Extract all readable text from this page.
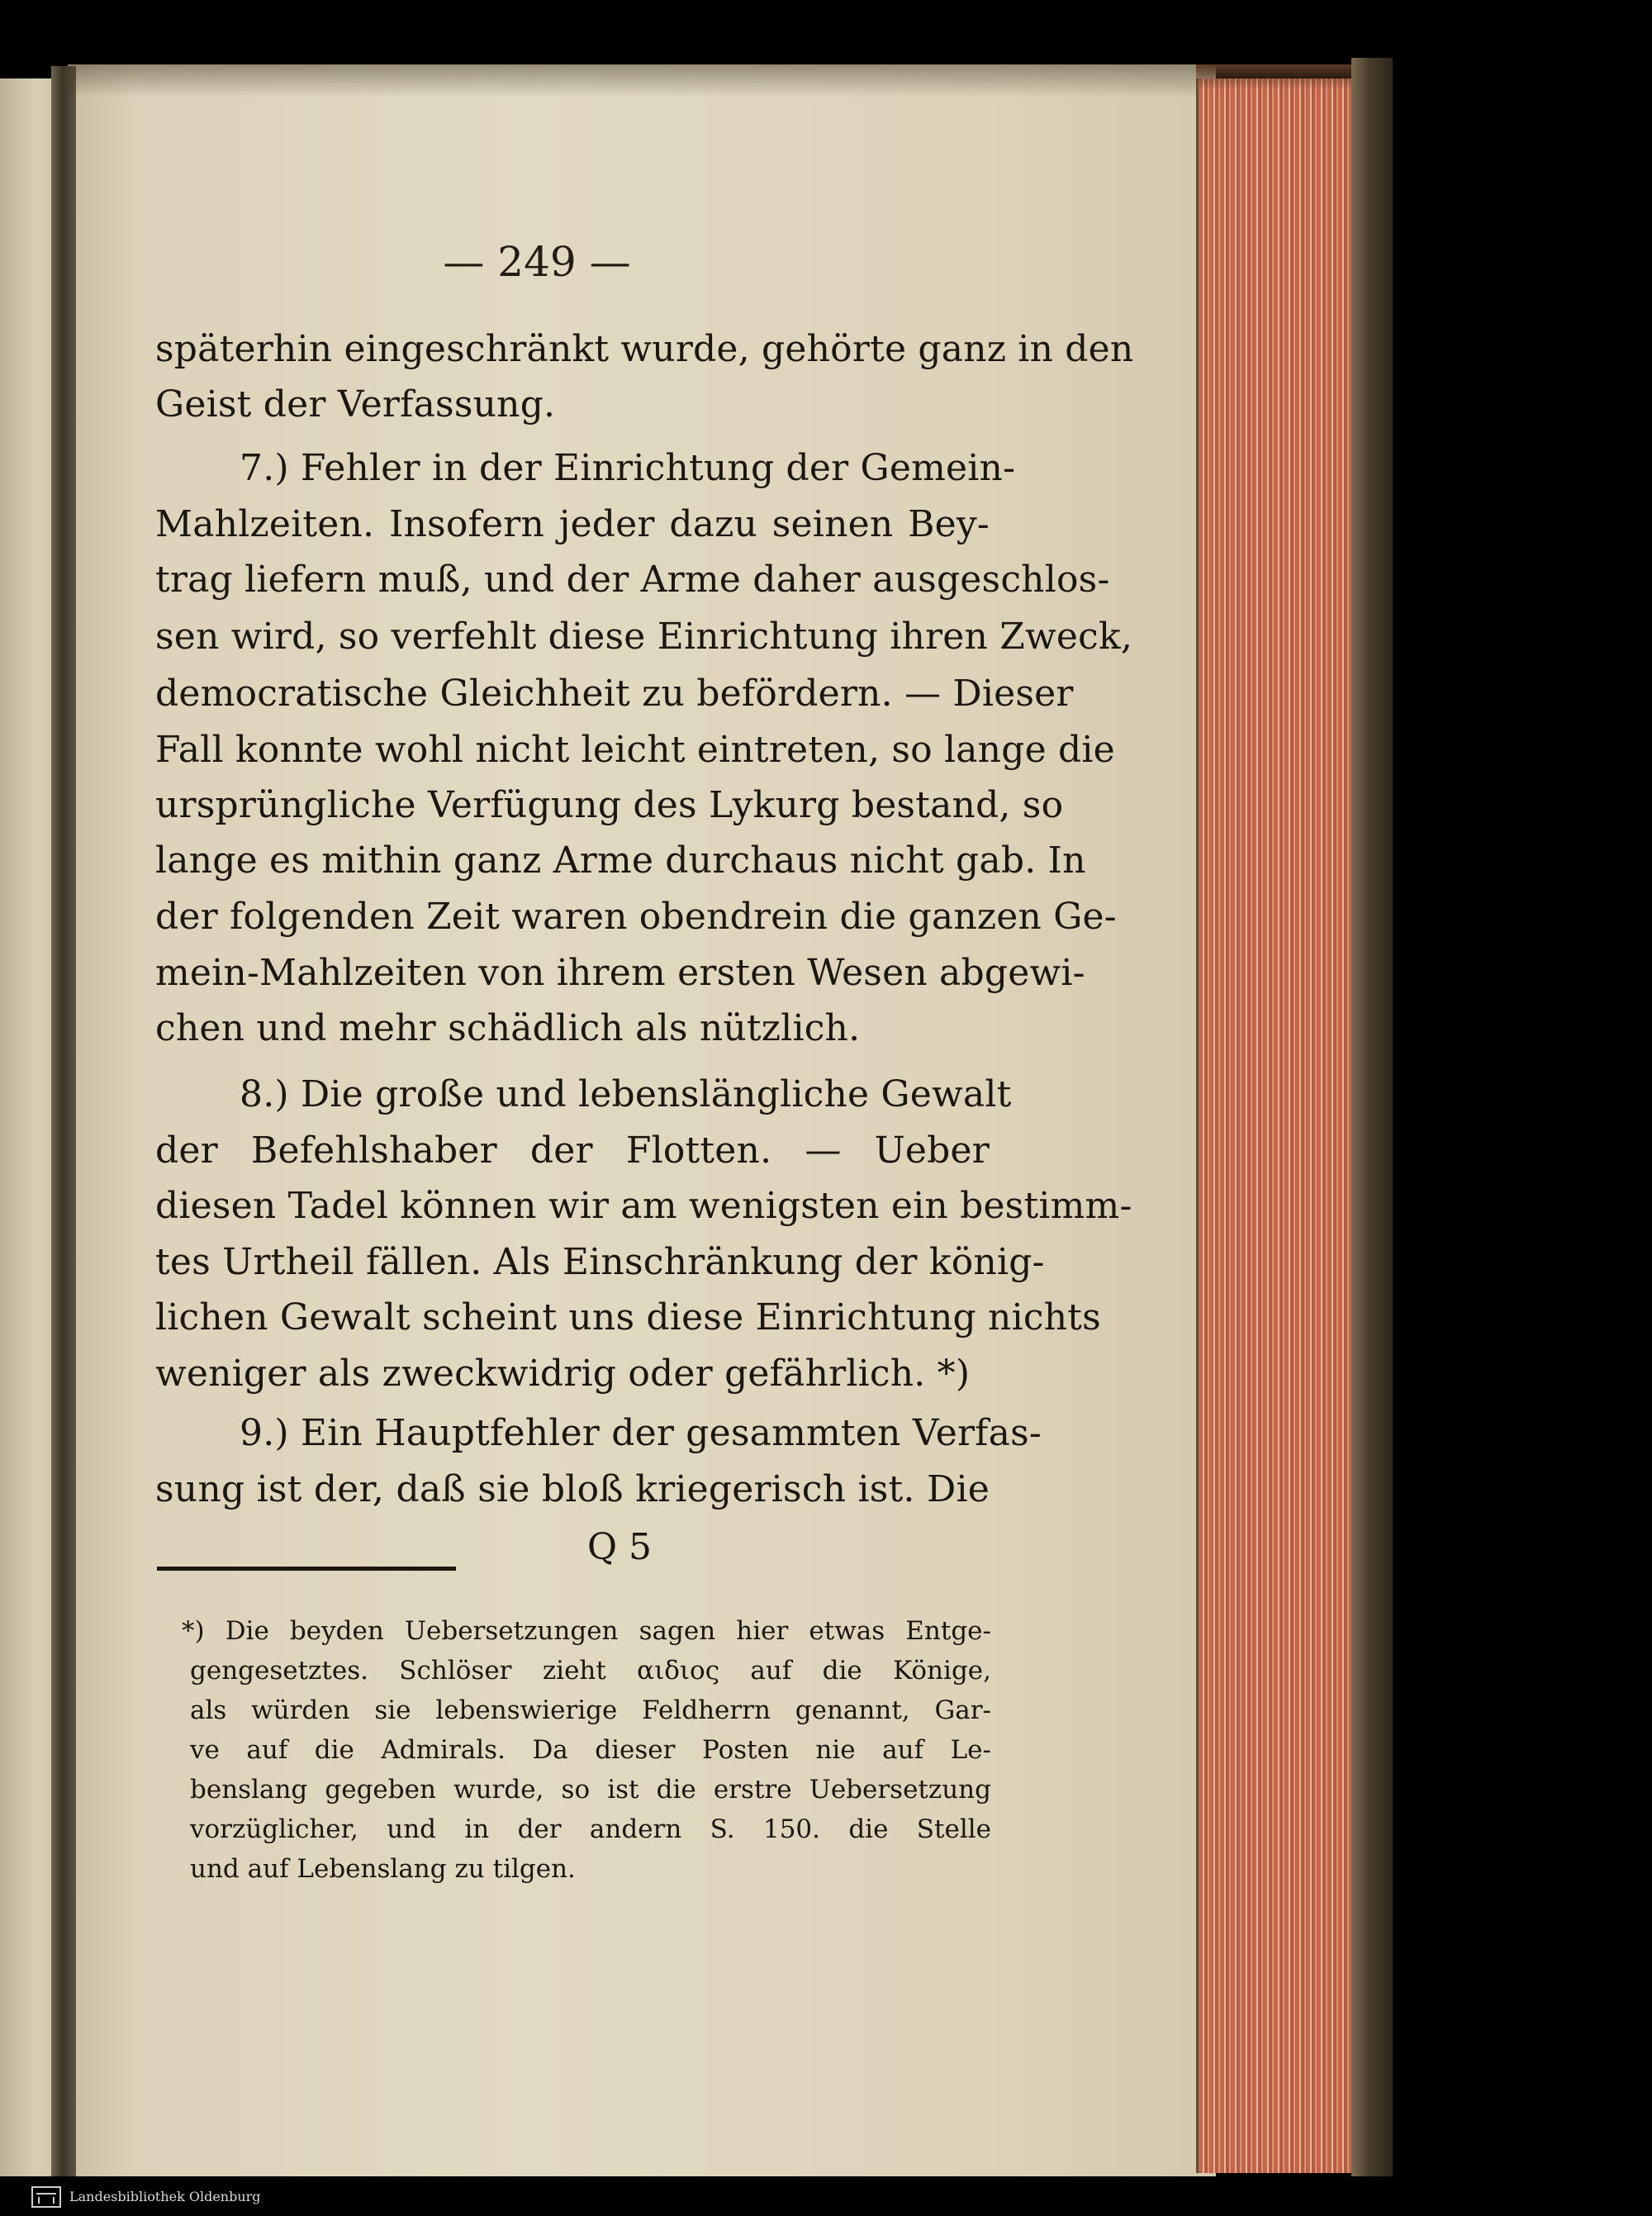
— 249 —
späterhin eingeschränkt wurde, gehörte ganz in den
Geist der Verfassung.
7.) Fehler in der Einrichtung der Gemein-
Mahlzeiten. Insofern jeder dazu seinen Bey-
trag liefern muß, und der Arme daher ausgeschlos-
sen wird, so verfehlt diese Einrichtung ihren Zweck,
democratische Gleichheit zu befördern. — Dieser
Fall konnte wohl nicht leicht eintreten, so lange die
ursprüngliche Verfügung des Lykurg bestand, so
lange es mithin ganz Arme durchaus nicht gab. In
der folgenden Zeit waren obendrein die ganzen Ge-
mein-Mahlzeiten von ihrem ersten Wesen abgewi-
chen und mehr schädlich als nützlich.
8.) Die große und lebenslängliche Gewalt
der Befehlshaber der Flotten. — Ueber
diesen Tadel können wir am wenigsten ein bestimm-
tes Urtheil fällen. Als Einschränkung der könig-
lichen Gewalt scheint uns diese Einrichtung nichts
weniger als zweckwidrig oder gefährlich. *)
9.) Ein Hauptfehler der gesammten Verfas-
sung ist der, daß sie bloß kriegerisch ist. Die
Q 5
*) Die beyden Uebersetzungen sagen hier etwas Entge-
gengesetztes. Schlöser zieht αιδιος auf die Könige,
als würden sie lebenswierige Feldherrn genannt, Gar-
ve auf die Admirals. Da dieser Posten nie auf Le-
benslang gegeben wurde, so ist die erstre Uebersetzung
vorzüglicher, und in der andern S. 150. die Stelle
und auf Lebenslang zu tilgen.
Landesbibliothek Oldenburg
